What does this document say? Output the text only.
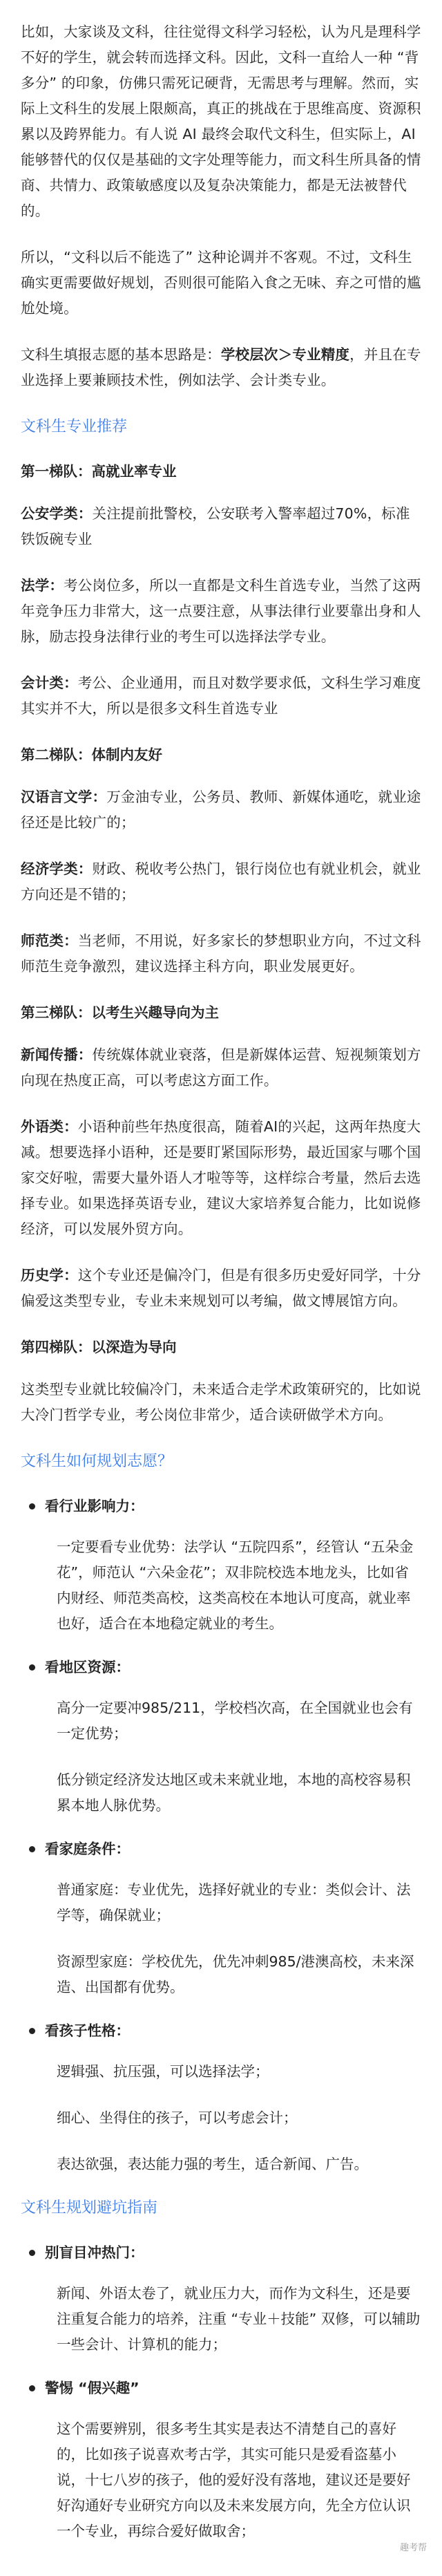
比如，大家谈及文科，往往觉得文科学习轻松，认为凡是理科学不好的学生，就会转而选择文科。因此，文科一直给人一种 “背多分” 的印象，仿佛只需死记硬背，无需思考与理解。然而，实际上文科生的发展上限颇高，真正的挑战在于思维高度、资源积累以及跨界能力。有人说 AI 最终会取代文科生，但实际上，AI 能够替代的仅仅是基础的文字处理等能力，而文科生所具备的情商、共情力、政策敏感度以及复杂决策能力，都是无法被替代的。

所以，“文科以后不能选了” 这种论调并不客观。不过，文科生确实更需要做好规划，否则很可能陷入食之无味、弃之可惜的尴尬处境。

文科生填报志愿的基本思路是：学校层次＞专业精度，并且在专业选择上要兼顾技术性，例如法学、会计类专业。

文科生专业推荐
第一梯队：高就业率专业

公安学类：关注提前批警校，公安联考入警率超过70%，标准铁饭碗专业

法学：考公岗位多，所以一直都是文科生首选专业，当然了这两年竞争压力非常大，这一点要注意，从事法律行业要靠出身和人脉，励志投身法律行业的考生可以选择法学专业。

会计类：考公、企业通用，而且对数学要求低，文科生学习难度其实并不大，所以是很多文科生首选专业

第二梯队：体制内友好

汉语言文学：万金油专业，公务员、教师、新媒体通吃，就业途径还是比较广的；

经济学类：财政、税收考公热门，银行岗位也有就业机会，就业方向还是不错的；

师范类：当老师，不用说，好多家长的梦想职业方向，不过文科师范生竞争激烈，建议选择主科方向，职业发展更好。

第三梯队：以考生兴趣导向为主

新闻传播：传统媒体就业衰落，但是新媒体运营、短视频策划方向现在热度正高，可以考虑这方面工作。

外语类：小语种前些年热度很高，随着AI的兴起，这两年热度大减。想要选择小语种，还是要盯紧国际形势，最近国家与哪个国家交好啦，需要大量外语人才啦等等，这样综合考量，然后去选择专业。如果选择英语专业，建议大家培养复合能力，比如说修经济，可以发展外贸方向。

历史学：这个专业还是偏冷门，但是有很多历史爱好同学，十分偏爱这类型专业，专业未来规划可以考编，做文博展馆方向。

第四梯队：以深造为导向

这类型专业就比较偏冷门，未来适合走学术政策研究的，比如说大冷门哲学专业，考公岗位非常少，适合读研做学术方向。

文科生如何规划志愿？
看行业影响力：
一定要看专业优势：法学认 “五院四系”，经管认 “五朵金花”，师范认 “六朵金花”；双非院校选本地龙头，比如省内财经、师范类高校，这类高校在本地认可度高，就业率也好，适合在本地稳定就业的考生。
看地区资源：
高分一定要冲985/211，学校档次高，在全国就业也会有一定优势；
低分锁定经济发达地区或未来就业地，本地的高校容易积累本地人脉优势。
看家庭条件：
普通家庭：专业优先，选择好就业的专业：类似会计、法学等，确保就业；
资源型家庭：学校优先，优先冲刺985/港澳高校，未来深造、出国都有优势。
看孩子性格：
逻辑强、抗压强，可以选择法学；
细心、坐得住的孩子，可以考虑会计；
表达欲强，表达能力强的考生，适合新闻、广告。
文科生规划避坑指南
别盲目冲热门：
新闻、外语太卷了，就业压力大，而作为文科生，还是要注重复合能力的培养，注重 “专业＋技能” 双修，可以辅助一些会计、计算机的能力；
警惕 “假兴趣”
这个需要辨别，很多考生其实是表达不清楚自己的喜好的，比如孩子说喜欢考古学，其实可能只是爱看盗墓小说，十七八岁的孩子，他的爱好没有落地，建议还是要好好沟通好专业研究方向以及未来发展方向，先全方位认识一个专业，再综合爱好做取舍；
趣考帮
